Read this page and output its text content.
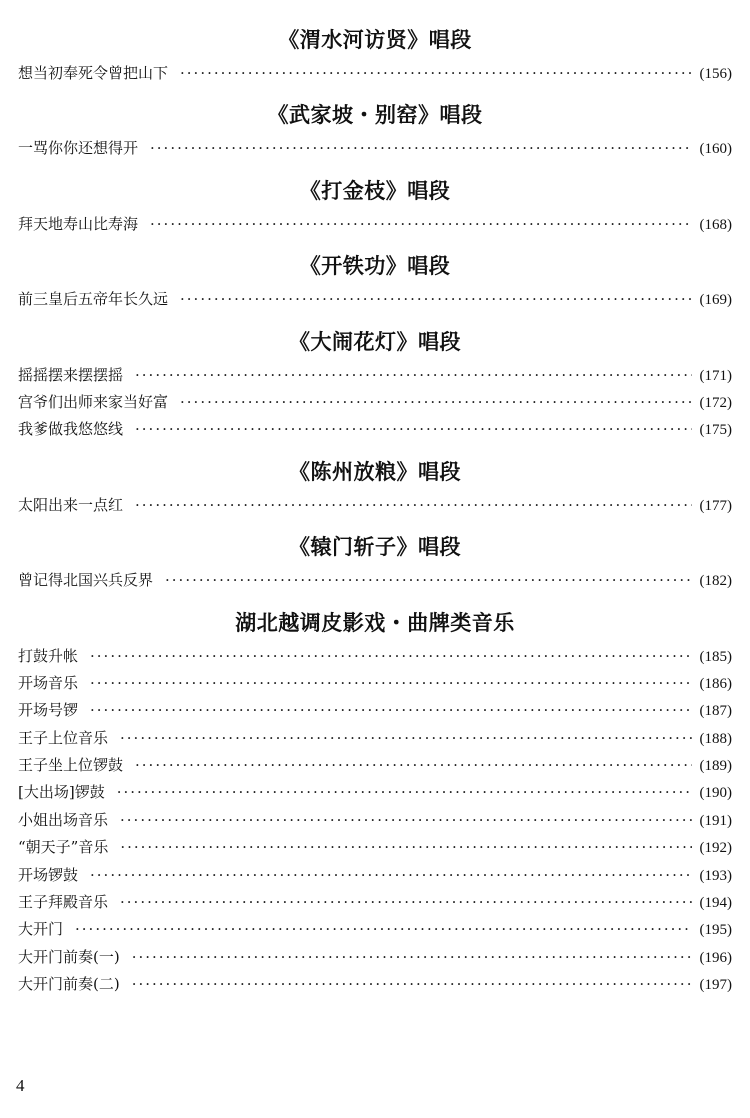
《渭水河访贤》唱段
想当初奉死令曾把山下 ·····	(156)
《武家坡・别窑》唱段
一骂你你还想得开 ·····	(160)
《打金枝》唱段
拜天地寿山比寿海 ·····	(168)
《开铁功》唱段
前三皇后五帝年长久远 ·····	(169)
《大闹花灯》唱段
摇摇摆来摆摆摇 ·····	(171)
宫爷们出师来家当好富 ·····	(172)
我爹做我悠悠线 ·····	(175)
《陈州放粮》唱段
太阳出来一点红 ·····	(177)
《辕门斩子》唱段
曾记得北国兴兵反界 ·····	(182)
湖北越调皮影戏・曲牌类音乐
打鼓升帐 ·····	(185)
开场音乐 ·····	(186)
开场号锣 ·····	(187)
王子上位音乐 ·····	(188)
王子坐上位锣鼓 ·····	(189)
[大出场]锣鼓 ·····	(190)
小姐出场音乐 ·····	(191)
“朝天子”音乐 ·····	(192)
开场锣鼓 ·····	(193)
王子拜殿音乐 ·····	(194)
大开门 ·····	(195)
大开门前奏(一) ·····	(196)
大开门前奏(二) ·····	(197)
4
